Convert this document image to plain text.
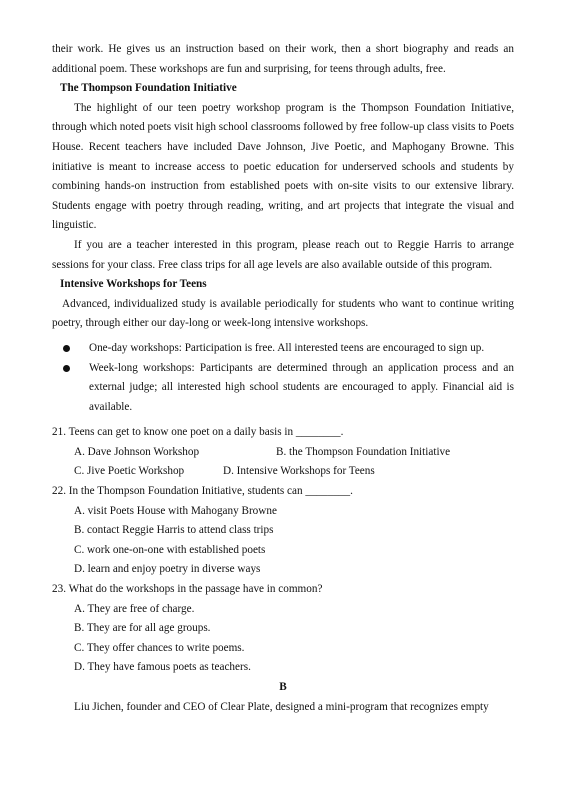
their work. He gives us an instruction based on their work, then a short biography and reads an additional poem. These workshops are fun and surprising, for teens through adults, free.

The Thompson Foundation Initiative

The highlight of our teen poetry workshop program is the Thompson Foundation Initiative, through which noted poets visit high school classrooms followed by free follow-up class visits to Poets House. Recent teachers have included Dave Johnson, Jive Poetic, and Maphogany Browne. This initiative is meant to increase access to poetic education for underserved schools and students by combining hands-on instruction from established poets with on-site visits to our extensive library. Students engage with poetry through reading, writing, and art projects that integrate the visual and linguistic.

If you are a teacher interested in this program, please reach out to Reggie Harris to arrange sessions for your class. Free class trips for all age levels are also available outside of this program.

Intensive Workshops for Teens

Advanced, individualized study is available periodically for students who want to continue writing poetry, through either our day-long or week-long intensive workshops.

One-day workshops: Participation is free. All interested teens are encouraged to sign up.
Week-long workshops: Participants are determined through an application process and an external judge; all interested high school students are encouraged to apply. Financial aid is available.

21. Teens can get to know one poet on a daily basis in ________.

A. Dave Johnson Workshop	B. the Thompson Foundation Initiative
C. Jive Poetic Workshop	D. Intensive Workshops for Teens

22. In the Thompson Foundation Initiative, students can ________.

A. visit Poets House with Mahogany Browne

B. contact Reggie Harris to attend class trips

C. work one-on-one with established poets

D. learn and enjoy poetry in diverse ways

23. What do the workshops in the passage have in common?

A. They are free of charge.

B. They are for all age groups.

C. They offer chances to write poems.

D. They have famous poets as teachers.

B

Liu Jichen, founder and CEO of Clear Plate, designed a mini-program that recognizes empty
